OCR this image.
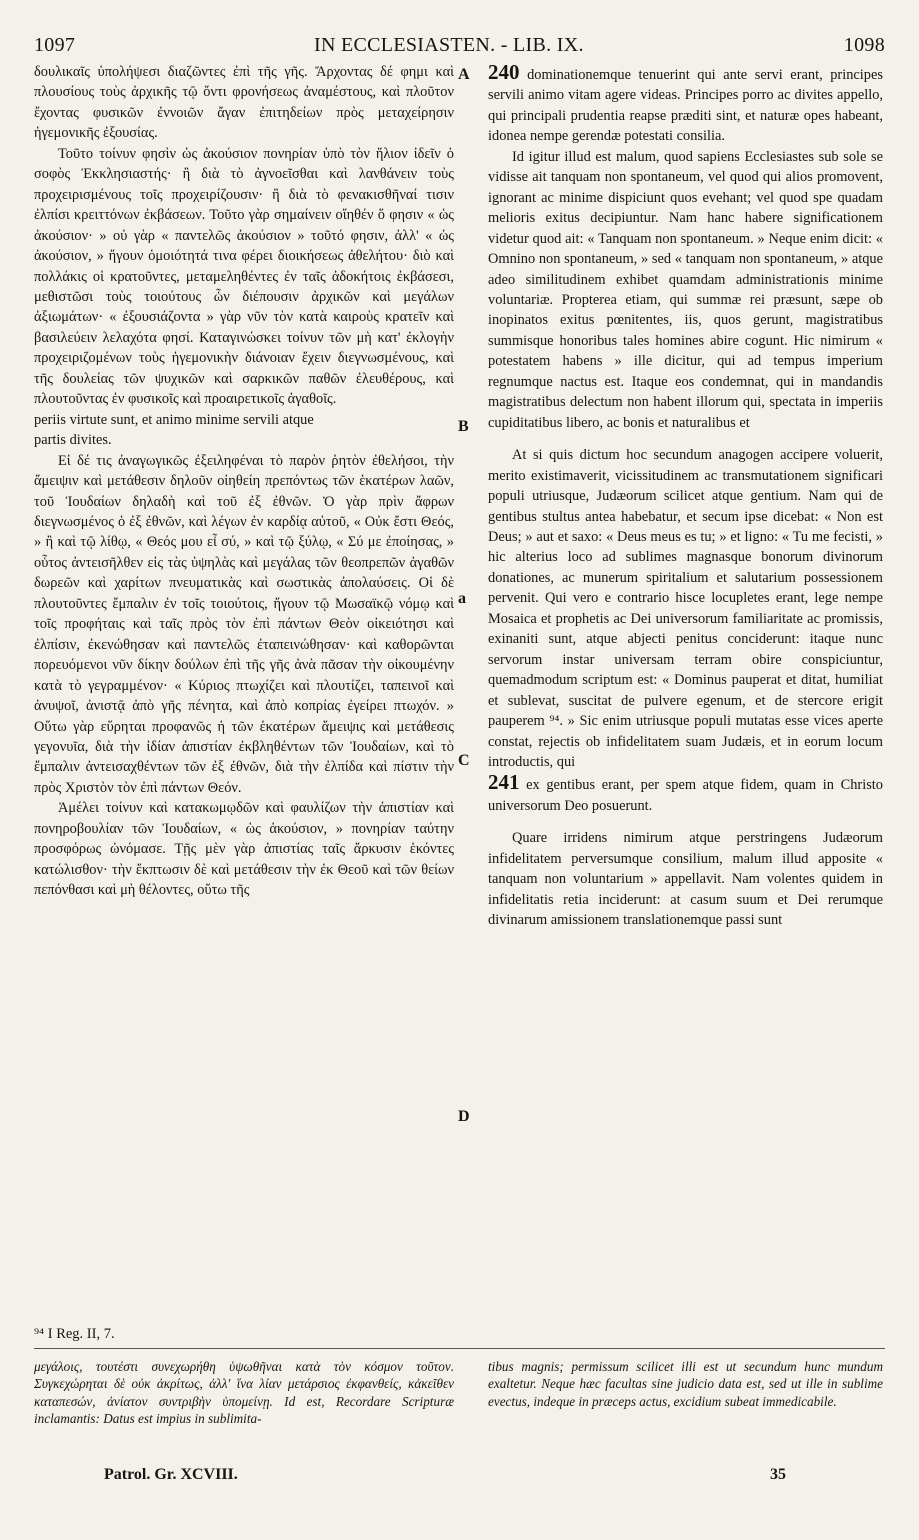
1097	IN ECCLESIASTEN. - LIB. IX.	1098

δουλικαῖς ὑπολήψεσι διαζῶντες ἐπὶ τῆς γῆς. Ἄρχοντας δέ φημι καὶ πλουσίους τοὺς ἀρχικῆς τῷ ὄντι φρονήσεως ἀναμέστους, καὶ πλοῦτον ἔχοντας φυσικῶν ἐννοιῶν ἄγαν ἐπιτηδείων πρὸς μεταχείρησιν ἡγεμονικῆς ἐξουσίας.

Τοῦτο τοίνυν φησὶν ὡς ἀκούσιον πονηρίαν ὑπὸ τὸν ἥλιον ἰδεῖν ὁ σοφὸς Ἐκκλησιαστής· ἢ διὰ τὸ ἀγνοεῖσθαι καὶ λανθάνειν τοὺς προχειρισμένους τοῖς προχειρίζουσιν· ἢ διὰ τὸ φενακισθῆναί τισιν ἐλπίσι κρειττόνων ἐκβάσεων. Τοῦτο γὰρ σημαίνειν οἴηθέν ὅ φησιν « ὡς ἀκούσιον· » οὐ γὰρ « παντελῶς ἀκούσιον » τοῦτό φησιν, ἀλλ' « ὡς ἀκούσιον, » ἤγουν ὁμοιότητά τινα φέρει διοικήσεως ἀθελήτου· διὸ καὶ πολλάκις οἱ κρατοῦντες, μεταμεληθέντες ἐν ταῖς ἀδοκήτοις ἐκβάσεσι, μεθιστῶσι τοὺς τοιούτους ὧν διέπουσιν ἀρχικῶν καὶ μεγάλων ἀξιωμάτων· « ἐξουσιάζοντα » γὰρ νῦν τὸν κατὰ καιροὺς κρατεῖν καὶ βασιλεύειν λελαχότα φησί. Καταγινώσκει τοίνυν τῶν μὴ κατ' ἐκλογὴν προχειριζομένων τοὺς ἡγεμονικὴν διάνοιαν ἔχειν διεγνωσμένους, καὶ τῆς δουλείας τῶν ψυχικῶν καὶ σαρκικῶν παθῶν ἐλευθέρους, καὶ πλουτοῦντας ἐν φυσικοῖς καὶ προαιρετικοῖς ἀγαθοῖς.

periis virtute sunt, et animo minime servili atque

partis divites.

Εἰ δέ τις ἀναγωγικῶς ἐξειληφέναι τὸ παρὸν ῥητὸν ἐθελήσοι, τὴν ἄμειψιν καὶ μετάθεσιν δηλοῦν οἰηθείη πρεπόντως τῶν ἑκατέρων λαῶν, τοῦ Ἰουδαίων δηλαδὴ καὶ τοῦ ἐξ ἐθνῶν. Ὁ γὰρ πρὶν ἄφρων διεγνωσμένος ὁ ἐξ ἐθνῶν, καὶ λέγων ἐν καρδίᾳ αὐτοῦ, « Οὐκ ἔστι Θεός, » ἢ καὶ τῷ λίθῳ, « Θεός μου εἶ σύ, » καὶ τῷ ξύλῳ, « Σύ με ἐποίησας, » οὗτος ἀντεισῆλθεν εἰς τὰς ὑψηλὰς καὶ μεγάλας τῶν θεοπρεπῶν ἀγαθῶν δωρεῶν καὶ χαρίτων πνευματικὰς καὶ σωστικὰς ἀπολαύσεις. Οἱ δὲ πλουτοῦντες ἔμπαλιν ἐν τοῖς τοιούτοις, ἤγουν τῷ Μωσαϊκῷ νόμῳ καὶ τοῖς προφήταις καὶ ταῖς πρὸς τὸν ἐπὶ πάντων Θεὸν οἰκειότησι καὶ ἐλπίσιν, ἐκενώθησαν καὶ παντελῶς ἐταπεινώθησαν· καὶ καθορῶνται πορευόμενοι νῦν δίκην δούλων ἐπὶ τῆς γῆς ἀνὰ πᾶσαν τὴν οἰκουμένην κατὰ τὸ γεγραμμένον· « Κύριος πτωχίζει καὶ πλουτίζει, ταπεινοῖ καὶ ἀνυψοῖ, ἀνιστᾷ ἀπὸ γῆς πένητα, καὶ ἀπὸ κοπρίας ἐγείρει πτωχόν. » Οὕτω γὰρ εὕρηται προφανῶς ἡ τῶν ἑκατέρων ἄμειψις καὶ μετάθεσις γεγονυῖα, διὰ τὴν ἰδίαν ἀπιστίαν ἐκβληθέντων τῶν Ἰουδαίων, καὶ τὸ ἔμπαλιν ἀντεισαχθέντων τῶν ἐξ ἐθνῶν, διὰ τὴν ἐλπίδα καὶ πίστιν τὴν πρὸς Χριστὸν τὸν ἐπὶ πάντων Θεόν.

Ἀμέλει τοίνυν καὶ κατακωμῳδῶν καὶ φαυλίζων τὴν ἀπιστίαν καὶ πονηροβουλίαν τῶν Ἰουδαίων, « ὡς ἀκούσιον, » πονηρίαν ταύτην προσφόρως ὠνόμασε. Τῇς μὲν γὰρ ἀπιστίας ταῖς ἄρκυσιν ἑκόντες κατώλισθον· τὴν ἔκπτωσιν δὲ καὶ μετάθεσιν τὴν ἐκ Θεοῦ καὶ τῶν θείων πεπόνθασι καὶ μὴ θέλοντες, οὕτω τῆς

A
B
a
C
D

240 dominationemque tenuerint qui ante servi erant, principes servili animo vitam agere videas. Principes porro ac divites appello, qui principali prudentia reapse præditi sint, et naturæ opes habeant, idonea nempe gerendæ potestati consilia.

Id igitur illud est malum, quod sapiens Ecclesiastes sub sole se vidisse ait tanquam non spontaneum, vel quod qui alios promovent, ignorant ac minime dispiciunt quos evehant; vel quod spe quadam melioris exitus decipiuntur. Nam hanc habere significationem videtur quod ait: « Tanquam non spontaneum. » Neque enim dicit: « Omnino non spontaneum, » sed « tanquam non spontaneum, » atque adeo similitudinem exhibet quamdam administrationis minime voluntariæ. Propterea etiam, qui summæ rei præsunt, sæpe ob inopinatos exitus pœnitentes, iis, quos gerunt, magistratibus summisque honoribus tales homines abire cogunt. Hic nimirum « potestatem habens » ille dicitur, qui ad tempus imperium regnumque nactus est. Itaque eos condemnat, qui in mandandis magistratibus delectum non habent illorum qui, spectata in imperiis cupiditatibus libero, ac bonis et naturalibus et

At si quis dictum hoc secundum anagogen accipere voluerit, merito existimaverit, vicissitudinem ac transmutationem significari populi utriusque, Judæorum scilicet atque gentium. Nam qui de gentibus stultus antea habebatur, et secum ipse dicebat: « Non est Deus; » aut et saxo: « Deus meus es tu; » et ligno: « Tu me fecisti, » hic alterius loco ad sublimes magnasque bonorum divinorum donationes, ac munerum spiritalium et salutarium possessionem pervenit. Qui vero e contrario hisce locupletes erant, lege nempe Mosaica et prophetis ac Dei universorum familiaritate ac promissis, exinaniti sunt, atque abjecti penitus conciderunt: itaque nunc servorum instar universam terram obire conspiciuntur, quemadmodum scriptum est: « Dominus pauperat et ditat, humiliat et sublevat, suscitat de pulvere egenum, et de stercore erigit pauperem ⁹⁴. » Sic enim utriusque populi mutatas esse vices aperte constat, rejectis ob infidelitatem suam Judæis, et in eorum locum introductis, qui

241 ex gentibus erant, per spem atque fidem, quam in Christo universorum Deo posuerunt.

Quare irridens nimirum atque perstringens Judæorum infidelitatem perversumque consilium, malum illud apposite « tanquam non voluntarium » appellavit. Nam volentes quidem in infidelitatis retia inciderunt: at casum suum et Dei rerumque divinarum amissionem translationemque passi sunt

⁹⁴ I Reg. II, 7.
μεγάλοις, τουτέστι συνεχωρήθη ὑψωθῆναι κατὰ τὸν κόσμον τοῦτον. Συγκεχώρηται δὲ οὐκ ἀκρίτως, ἀλλ' ἵνα λίαν μετάρσιος ἐκφανθείς, κἀκεῖθεν καταπεσών, ἀνίατον συντριβὴν ὑπομείνῃ. Id est, Recordare Scripturæ inclamantis: Datus est impius in sublimita-
tibus magnis; permissum scilicet illi est ut secundum hunc mundum exaltetur. Neque hæc facultas sine judicio data est, sed ut ille in sublime evectus, indeque in præceps actus, excidium subeat immedicabile.
Patrol. Gr. XCVIII.	35
